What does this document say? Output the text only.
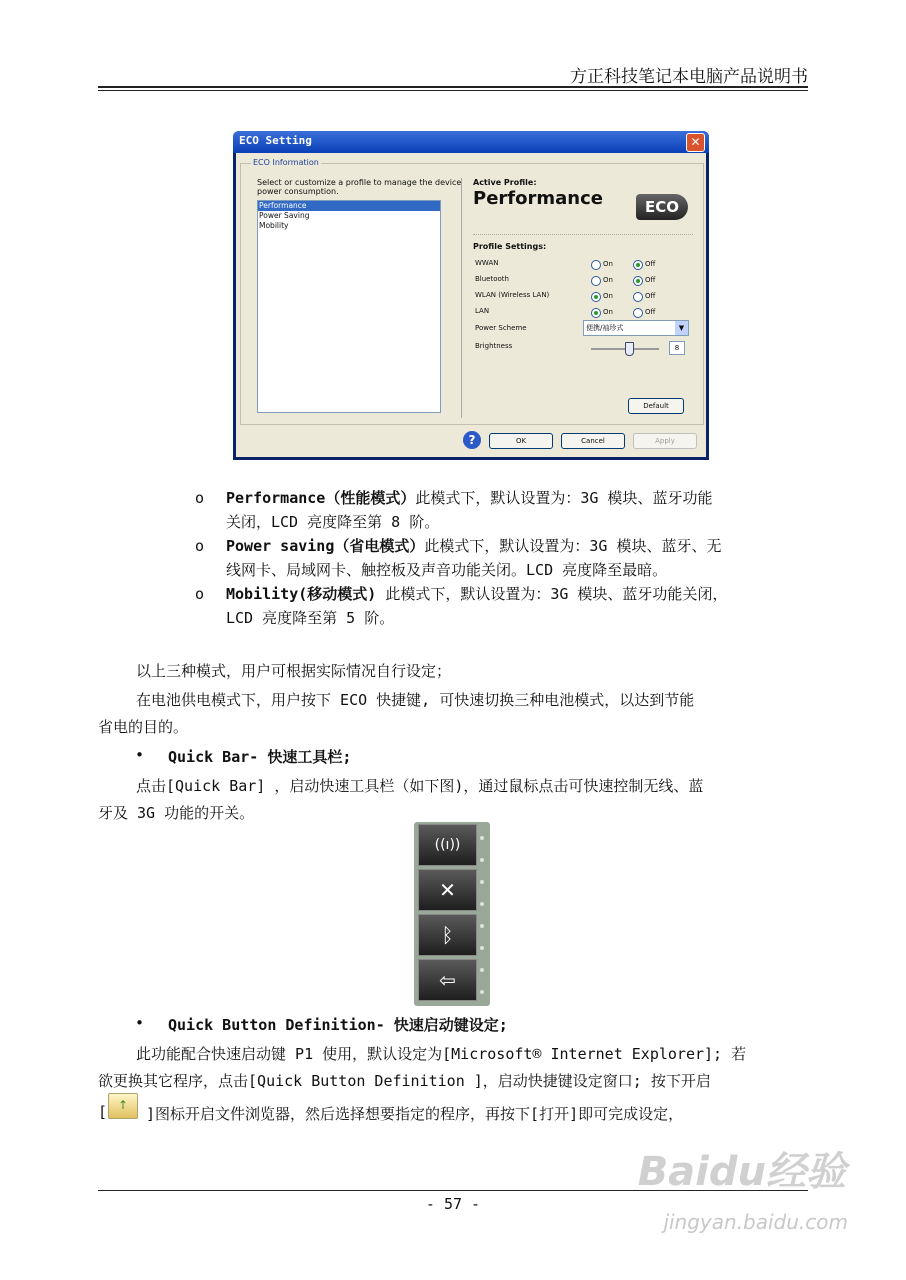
方正科技笔记本电脑产品说明书
ECO Setting	✕
ECO Information
Select or customize a profile to manage the device
power consumption.
Performance
Power Saving
Mobility
Active Profile:
Performance	ECO
Profile Settings:
WWAN	On	Off
Bluetooth	On	Off
WLAN (Wireless LAN)	On	Off
LAN	On	Off
Power Scheme	便携/袖珍式	▼
Brightness	8
Default
?	OK	Cancel	Apply
o Performance（性能模式）此模式下，默认设置为：3G 模块、蓝牙功能
关闭，LCD 亮度降至第 8 阶。
o Power saving（省电模式）此模式下，默认设置为：3G 模块、蓝牙、无
线网卡、局域网卡、触控板及声音功能关闭。LCD 亮度降至最暗。
o Mobility(移动模式) 此模式下，默认设置为：3G 模块、蓝牙功能关闭，
LCD 亮度降至第 5 阶。
以上三种模式，用户可根据实际情况自行设定；
在电池供电模式下，用户按下 ECO 快捷键, 可快速切换三种电池模式，以达到节能
省电的目的。
• Quick Bar- 快速工具栏;
点击[Quick Bar] ，启动快速工具栏（如下图)，通过鼠标点击可快速控制无线、蓝
牙及 3G 功能的开关。
((ı))
✕
ᛒ
⇦
• Quick Button Definition- 快速启动键设定;
此功能配合快速启动键 P1 使用，默认设定为[Microsoft® Internet Explorer]; 若
欲更换其它程序，点击[Quick Button Definition ]，启动快捷键设定窗口; 按下开启
[ ↑	]图标开启文件浏览器，然后选择想要指定的程序，再按下[打开]即可完成设定，
- 57 -
Baidu经验
jingyan.baidu.com
